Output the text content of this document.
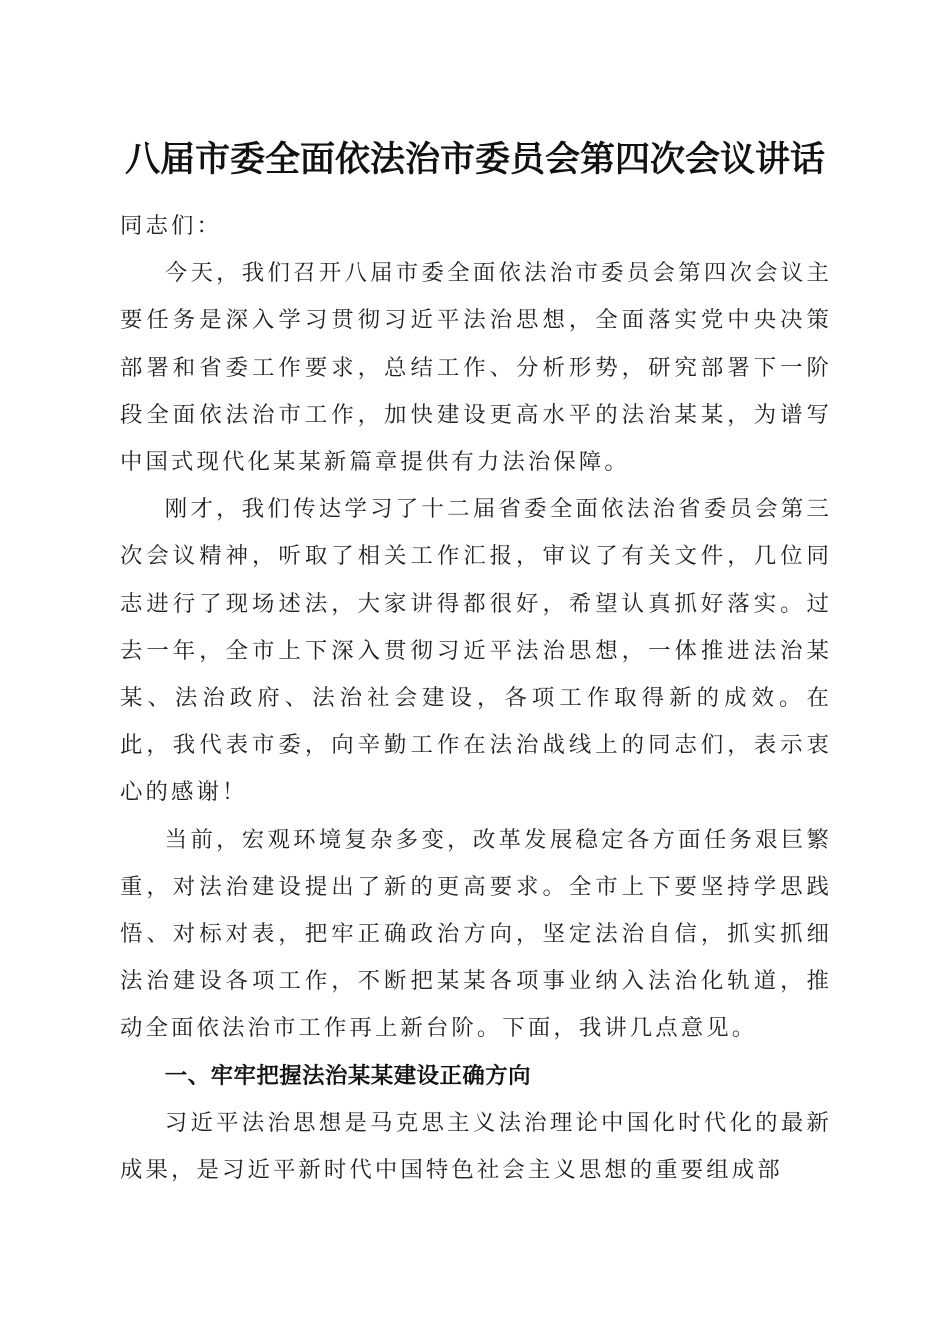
八届市委全面依法治市委员会第四次会议讲话

同志们：

今天，我们召开八届市委全面依法治市委员会第四次会议主要任务是深入学习贯彻习近平法治思想，全面落实党中央决策部署和省委工作要求，总结工作、分析形势，研究部署下一阶段全面依法治市工作，加快建设更高水平的法治某某，为谱写中国式现代化某某新篇章提供有力法治保障。

刚才，我们传达学习了十二届省委全面依法治省委员会第三次会议精神，听取了相关工作汇报，审议了有关文件，几位同志进行了现场述法，大家讲得都很好，希望认真抓好落实。过去一年，全市上下深入贯彻习近平法治思想，一体推进法治某某、法治政府、法治社会建设，各项工作取得新的成效。在此，我代表市委，向辛勤工作在法治战线上的同志们，表示衷心的感谢！

当前，宏观环境复杂多变，改革发展稳定各方面任务艰巨繁重，对法治建设提出了新的更高要求。全市上下要坚持学思践悟、对标对表，把牢正确政治方向，坚定法治自信，抓实抓细法治建设各项工作，不断把某某各项事业纳入法治化轨道，推动全面依法治市工作再上新台阶。下面，我讲几点意见。

一、牢牢把握法治某某建设正确方向

习近平法治思想是马克思主义法治理论中国化时代化的最新成果，是习近平新时代中国特色社会主义思想的重要组成部
